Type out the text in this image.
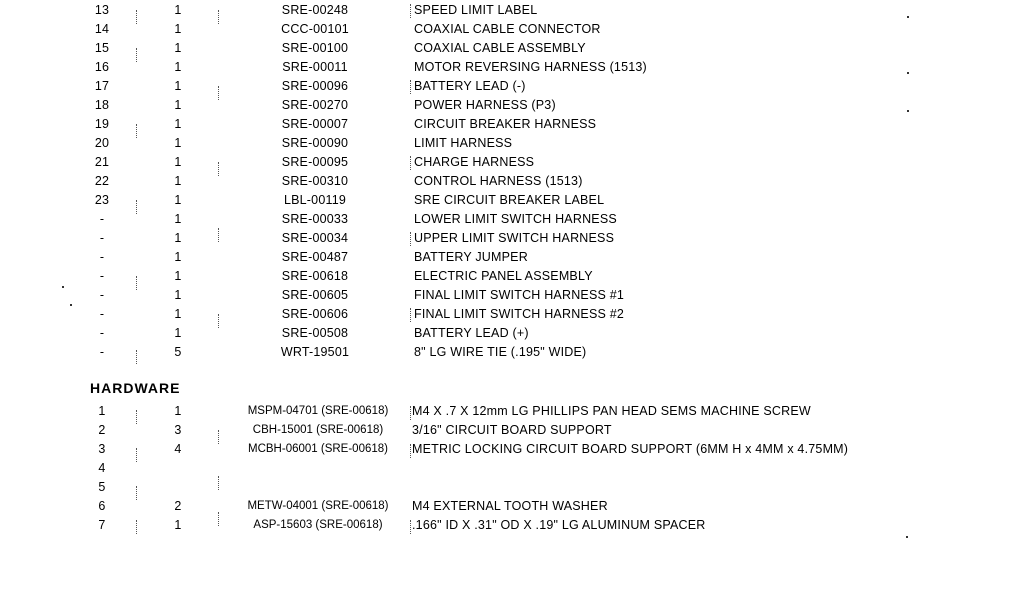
13	1	SRE-00248	SPEED LIMIT LABEL
14	1	CCC-00101	COAXIAL CABLE CONNECTOR
15	1	SRE-00100	COAXIAL CABLE ASSEMBLY
16	1	SRE-00011	MOTOR REVERSING HARNESS (1513)
17	1	SRE-00096	BATTERY LEAD (-)
18	1	SRE-00270	POWER HARNESS (P3)
19	1	SRE-00007	CIRCUIT BREAKER HARNESS
20	1	SRE-00090	LIMIT HARNESS
21	1	SRE-00095	CHARGE HARNESS
22	1	SRE-00310	CONTROL HARNESS (1513)
23	1	LBL-00119	SRE CIRCUIT BREAKER LABEL
-	1	SRE-00033	LOWER LIMIT SWITCH HARNESS
-	1	SRE-00034	UPPER LIMIT SWITCH HARNESS
-	1	SRE-00487	BATTERY JUMPER
-	1	SRE-00618	ELECTRIC PANEL ASSEMBLY
-	1	SRE-00605	FINAL LIMIT SWITCH HARNESS #1
-	1	SRE-00606	FINAL LIMIT SWITCH HARNESS #2
-	1	SRE-00508	BATTERY LEAD (+)
-	5	WRT-19501	8" LG WIRE TIE (.195" WIDE)
HARDWARE
1	1	MSPM-04701 (SRE-00618)	M4 X .7 X 12mm LG PHILLIPS PAN HEAD SEMS MACHINE SCREW
2	3	CBH-15001 (SRE-00618)	3/16" CIRCUIT BOARD SUPPORT
3	4	MCBH-06001 (SRE-00618)	METRIC LOCKING CIRCUIT BOARD SUPPORT (6MM H x 4MM x 4.75MM)
4
5
6	2	METW-04001 (SRE-00618)	M4 EXTERNAL TOOTH WASHER
7	1	ASP-15603 (SRE-00618)	.166" ID X .31" OD X .19" LG ALUMINUM SPACER
